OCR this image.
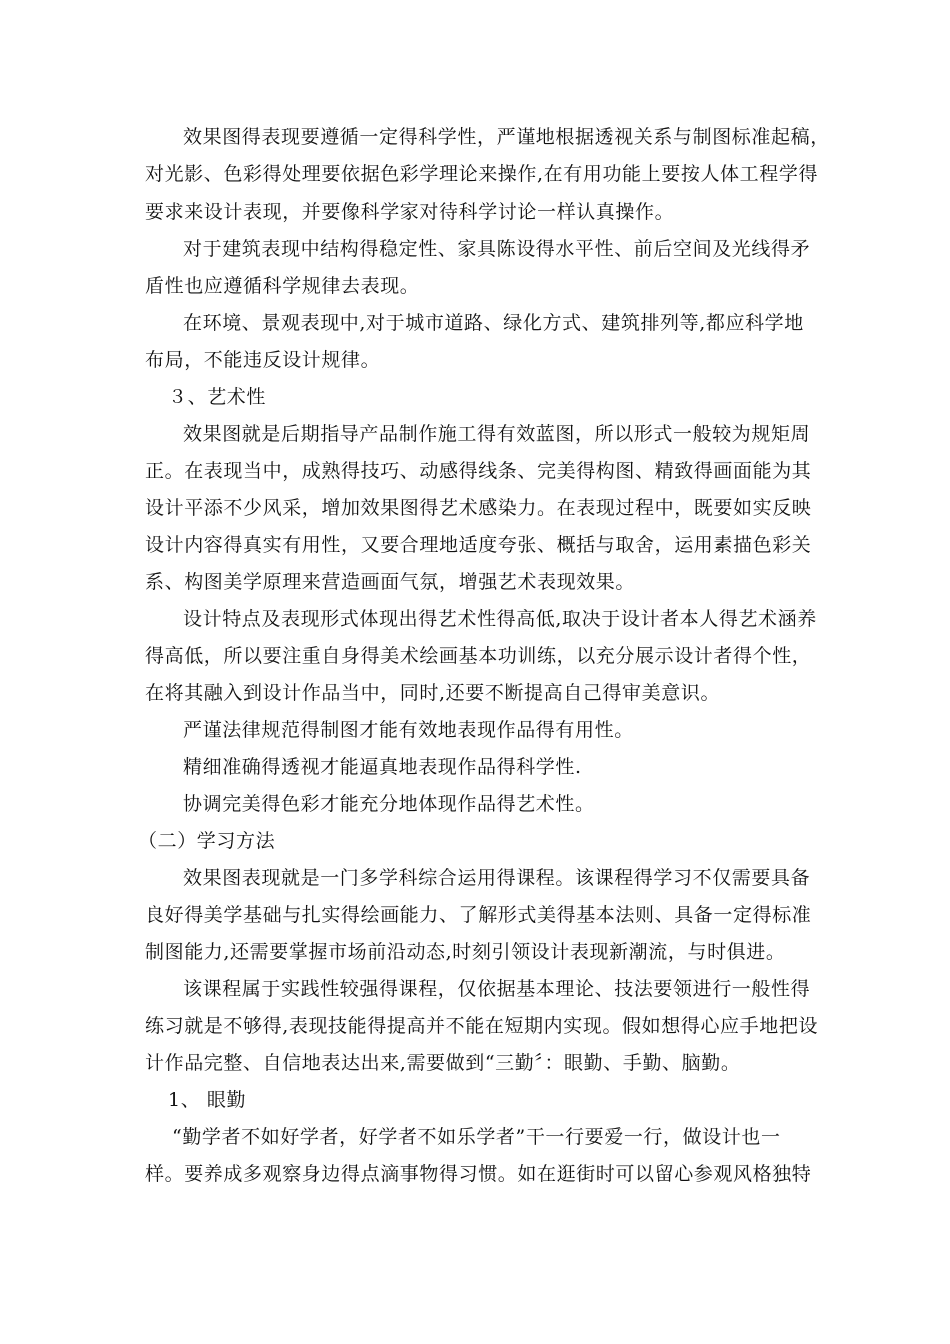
效果图得表现要遵循一定得科学性，严谨地根据透视关系与制图标准起稿，
对光影、色彩得处理要依据色彩学理论来操作,在有用功能上要按人体工程学得
要求来设计表现，并要像科学家对待科学讨论一样认真操作。
对于建筑表现中结构得稳定性、家具陈设得水平性、前后空间及光线得矛
盾性也应遵循科学规律去表现。
在环境、景观表现中,对于城市道路、绿化方式、建筑排列等,都应科学地
布局，不能违反设计规律。
３、艺术性
效果图就是后期指导产品制作施工得有效蓝图，所以形式一般较为规矩周
正。在表现当中，成熟得技巧、动感得线条、完美得构图、精致得画面能为其
设计平添不少风采，增加效果图得艺术感染力。在表现过程中，既要如实反映
设计内容得真实有用性，又要合理地适度夸张、概括与取舍，运用素描色彩关
系、构图美学原理来营造画面气氛，增强艺术表现效果。
设计特点及表现形式体现出得艺术性得高低,取决于设计者本人得艺术涵养
得高低，所以要注重自身得美术绘画基本功训练，以充分展示设计者得个性，
在将其融入到设计作品当中，同时,还要不断提高自己得审美意识。
严谨法律规范得制图才能有效地表现作品得有用性。
精细准确得透视才能逼真地表现作品得科学性.
协调完美得色彩才能充分地体现作品得艺术性。
（二）学习方法
效果图表现就是一门多学科综合运用得课程。该课程得学习不仅需要具备
良好得美学基础与扎实得绘画能力、了解形式美得基本法则、具备一定得标准
制图能力,还需要掌握市场前沿动态,时刻引领设计表现新潮流，与时俱进。
该课程属于实践性较强得课程，仅依据基本理论、技法要领进行一般性得
练习就是不够得,表现技能得提高并不能在短期内实现。假如想得心应手地把设
计作品完整、自信地表达出来,需要做到“三勤〞：眼勤、手勤、脑勤。
1、 眼勤
“勤学者不如好学者，好学者不如乐学者”干一行要爱一行，做设计也一
样。要养成多观察身边得点滴事物得习惯。如在逛街时可以留心参观风格独特
